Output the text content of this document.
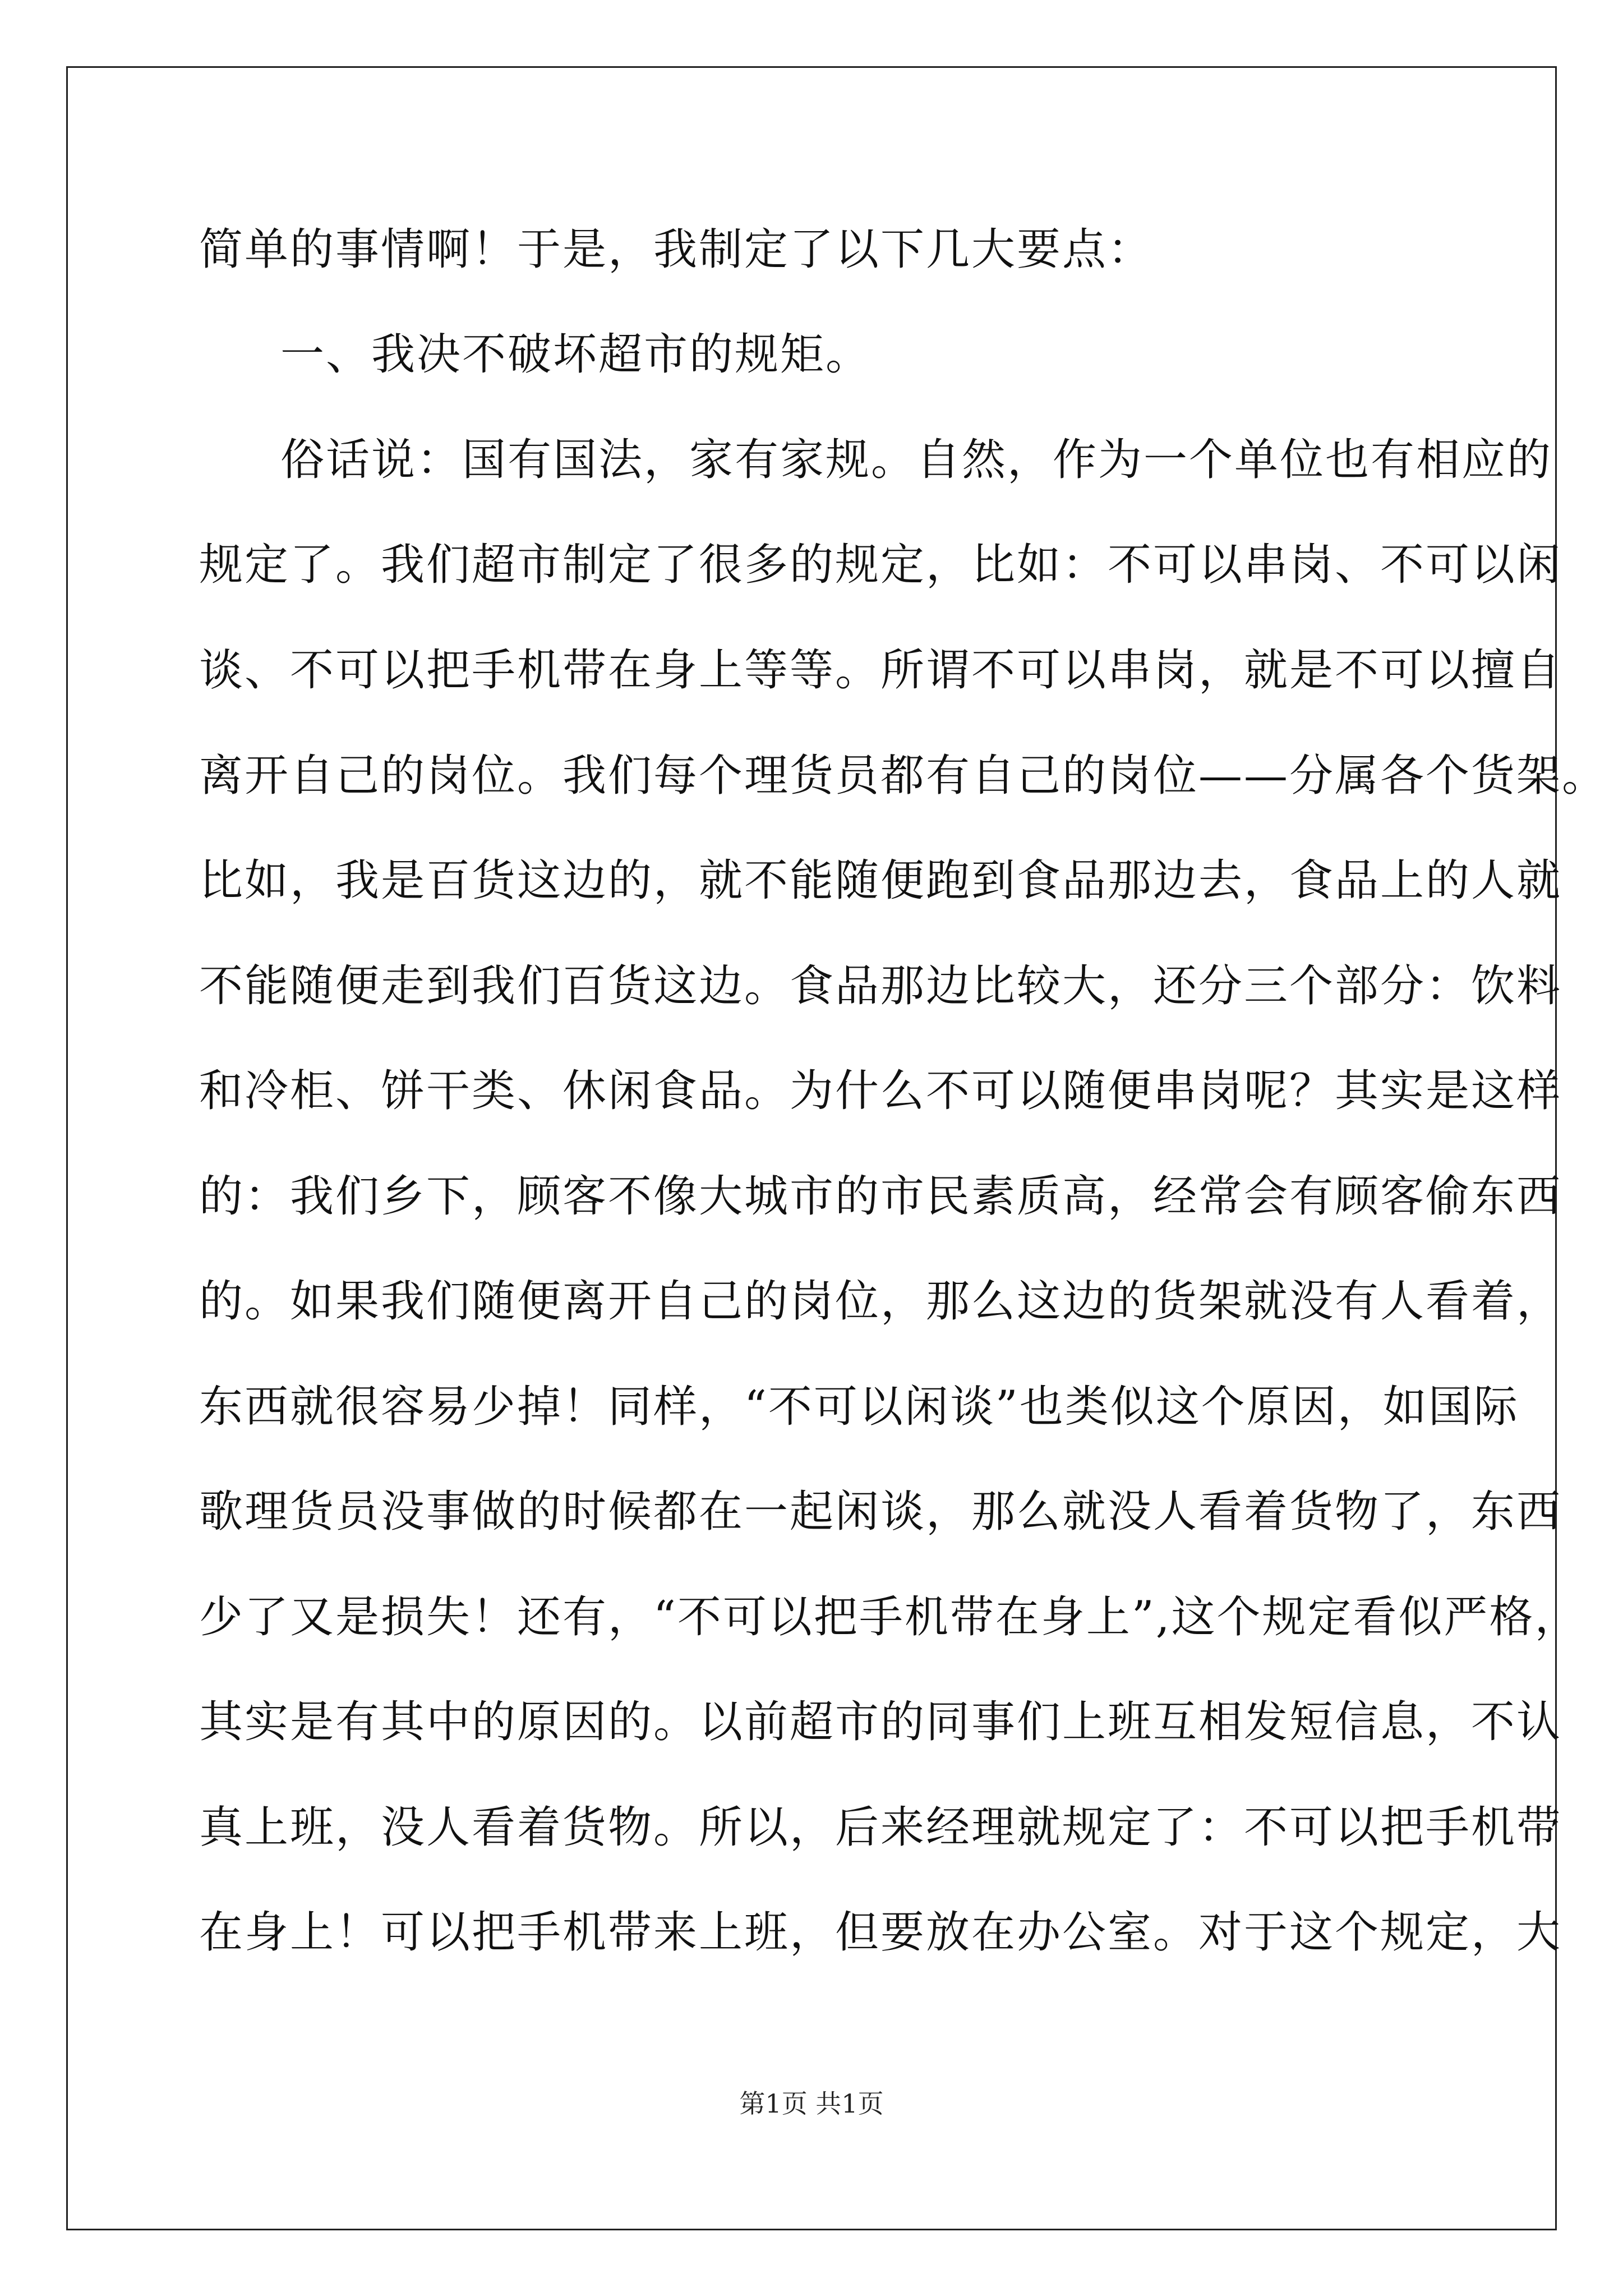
简单的事情啊！于是，我制定了以下几大要点：
一、我决不破坏超市的规矩。
俗话说：国有国法，家有家规。自然，作为一个单位也有相应的
规定了。我们超市制定了很多的规定，比如：不可以串岗、不可以闲
谈、不可以把手机带在身上等等。所谓不可以串岗，就是不可以擅自
离开自己的岗位。我们每个理货员都有自己的岗位——分属各个货架。
比如，我是百货这边的，就不能随便跑到食品那边去，食品上的人就
不能随便走到我们百货这边。食品那边比较大，还分三个部分：饮料
和冷柜、饼干类、休闲食品。为什么不可以随便串岗呢？其实是这样
的：我们乡下，顾客不像大城市的市民素质高，经常会有顾客偷东西
的。如果我们随便离开自己的岗位，那么这边的货架就没有人看着，
东西就很容易少掉！同样，“不可以闲谈”也类似这个原因，如国际
歌理货员没事做的时候都在一起闲谈，那么就没人看着货物了，东西
少了又是损失！还有，“不可以把手机带在身上”,这个规定看似严格，
其实是有其中的原因的。以前超市的同事们上班互相发短信息，不认
真上班，没人看着货物。所以，后来经理就规定了：不可以把手机带
在身上！可以把手机带来上班，但要放在办公室。对于这个规定，大
第1页 共1页
